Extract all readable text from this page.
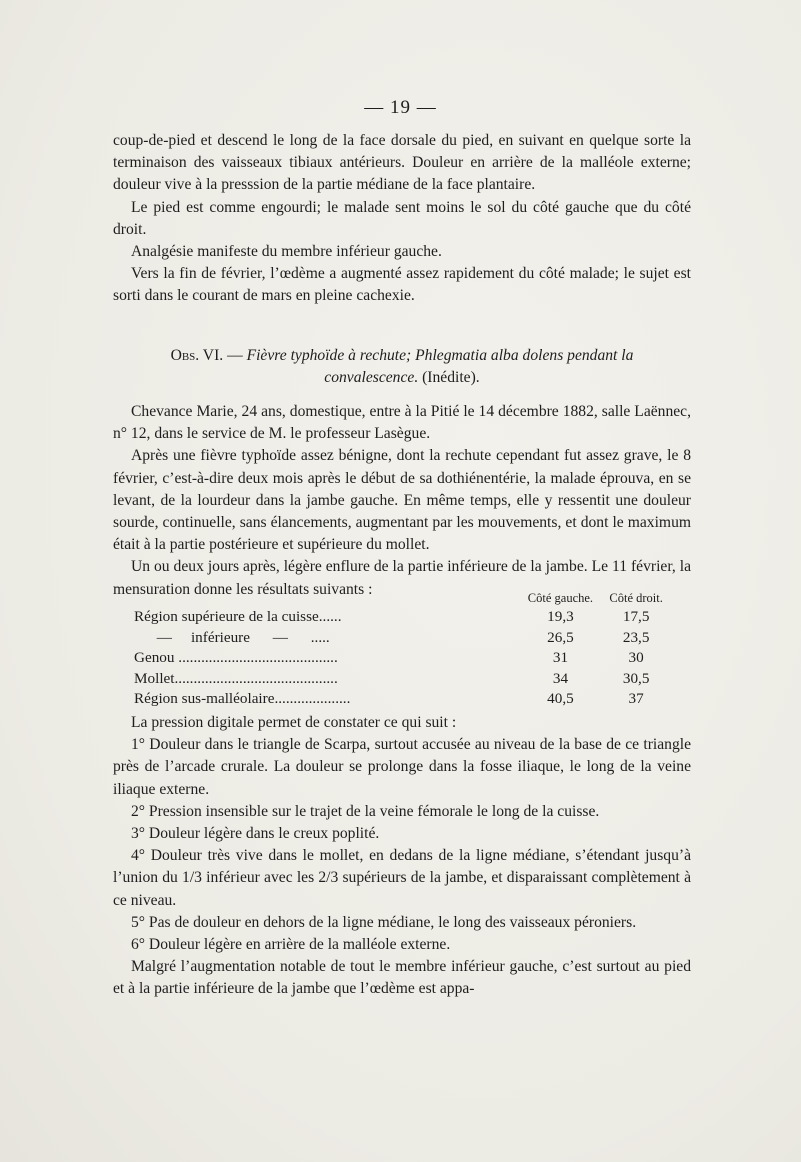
— 19 —

coup-de-pied et descend le long de la face dorsale du pied, en suivant en quelque sorte la terminaison des vaisseaux tibiaux antérieurs. Douleur en arrière de la malléole externe; douleur vive à la presssion de la partie médiane de la face plantaire.

Le pied est comme engourdi; le malade sent moins le sol du côté gauche que du côté droit.

Analgésie manifeste du membre inférieur gauche.

Vers la fin de février, l’œdème a augmenté assez rapidement du côté malade; le sujet est sorti dans le courant de mars en pleine cachexie.

Obs. VI. — Fièvre typhoïde à rechute; Phlegmatia alba dolens pendant la
convalescence. (Inédite).

Chevance Marie, 24 ans, domestique, entre à la Pitié le 14 décembre 1882, salle Laënnec, n° 12, dans le service de M. le professeur Lasègue.

Après une fièvre typhoïde assez bénigne, dont la rechute cependant fut assez grave, le 8 février, c’est-à-dire deux mois après le début de sa dothiénentérie, la malade éprouva, en se levant, de la lourdeur dans la jambe gauche. En même temps, elle y ressentit une douleur sourde, continuelle, sans élancements, augmentant par les mouvements, et dont le maximum était à la partie postérieure et supérieure du mollet.

Un ou deux jours après, légère enflure de la partie inférieure de la jambe. Le 11 février, la mensuration donne les résultats suivants :

		Côté gauche.	Côté droit.
Région supérieure de la cuisse......	19,3	17,5
—     inférieure      —      .....	26,5	23,5
Genou ..........................................	31	30
Mollet...........................................	34	30,5
Région sus-malléolaire....................	40,5	37

La pression digitale permet de constater ce qui suit :

1° Douleur dans le triangle de Scarpa, surtout accusée au niveau de la base de ce triangle près de l’arcade crurale. La douleur se prolonge dans la fosse iliaque, le long de la veine iliaque externe.

2° Pression insensible sur le trajet de la veine fémorale le long de la cuisse.

3° Douleur légère dans le creux poplité.

4° Douleur très vive dans le mollet, en dedans de la ligne médiane, s’étendant jusqu’à l’union du 1/3 inférieur avec les 2/3 supérieurs de la jambe, et disparaissant complètement à ce niveau.

5° Pas de douleur en dehors de la ligne médiane, le long des vaisseaux péroniers.

6° Douleur légère en arrière de la malléole externe.

Malgré l’augmentation notable de tout le membre inférieur gauche, c’est surtout au pied et à la partie inférieure de la jambe que l’œdème est appa-
